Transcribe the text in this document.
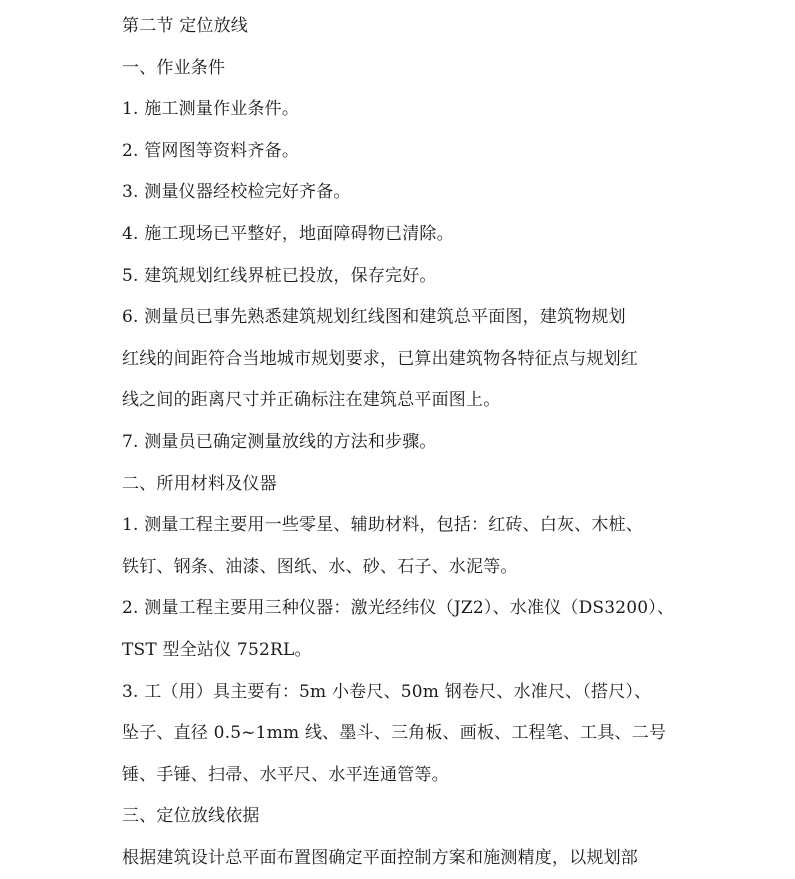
第二节 定位放线
一、作业条件
1. 施工测量作业条件。
2. 管网图等资料齐备。
3. 测量仪器经校检完好齐备。
4. 施工现场已平整好，地面障碍物已清除。
5. 建筑规划红线界桩已投放，保存完好。
6. 测量员已事先熟悉建筑规划红线图和建筑总平面图，建筑物规划
红线的间距符合当地城市规划要求，已算出建筑物各特征点与规划红
线之间的距离尺寸并正确标注在建筑总平面图上。
7. 测量员已确定测量放线的方法和步骤。
二、所用材料及仪器
1. 测量工程主要用一些零星、辅助材料，包括：红砖、白灰、木桩、
铁钉、钢条、油漆、图纸、水、砂、石子、水泥等。
2. 测量工程主要用三种仪器：激光经纬仪（JZ2）、水准仪（DS3200）、
TST 型全站仪 752RL。
3. 工（用）具主要有：5m 小卷尺、50m 钢卷尺、水准尺、（搭尺）、
坠子、直径 0.5~1mm 线、墨斗、三角板、画板、工程笔、工具、二号
锤、手锤、扫帚、水平尺、水平连通管等。
三、定位放线依据
根据建筑设计总平面布置图确定平面控制方案和施测精度，以规划部
